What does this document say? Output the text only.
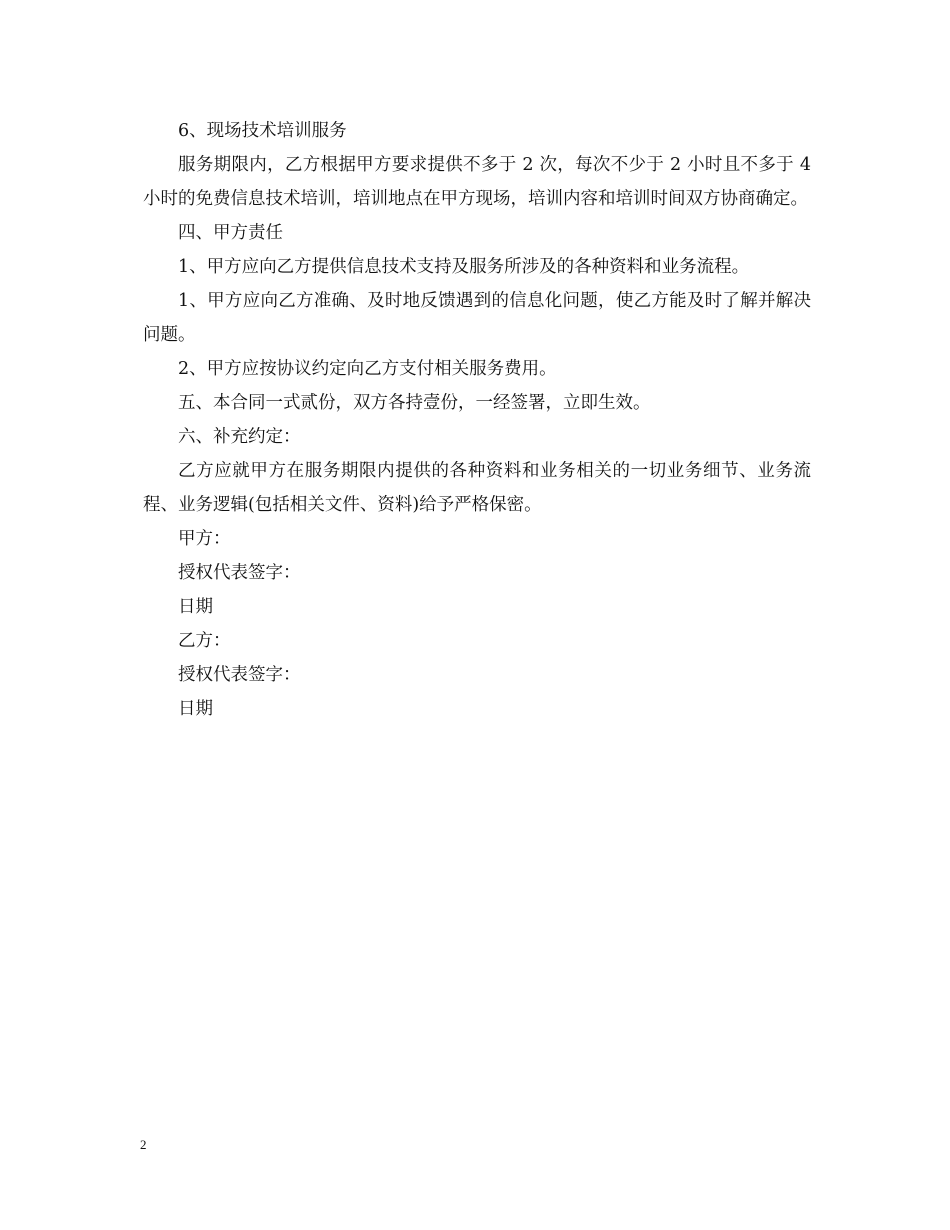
6、现场技术培训服务

服务期限内，乙方根据甲方要求提供不多于 2 次，每次不少于 2 小时且不多于 4 小时的免费信息技术培训，培训地点在甲方现场，培训内容和培训时间双方协商确定。

四、甲方责任

1、甲方应向乙方提供信息技术支持及服务所涉及的各种资料和业务流程。

1、甲方应向乙方准确、及时地反馈遇到的信息化问题，使乙方能及时了解并解决问题。

2、甲方应按协议约定向乙方支付相关服务费用。

五、本合同一式贰份，双方各持壹份，一经签署，立即生效。

六、补充约定：

乙方应就甲方在服务期限内提供的各种资料和业务相关的一切业务细节、业务流程、业务逻辑(包括相关文件、资料)给予严格保密。

甲方：

授权代表签字：

日期

乙方：

授权代表签字：

日期

2
